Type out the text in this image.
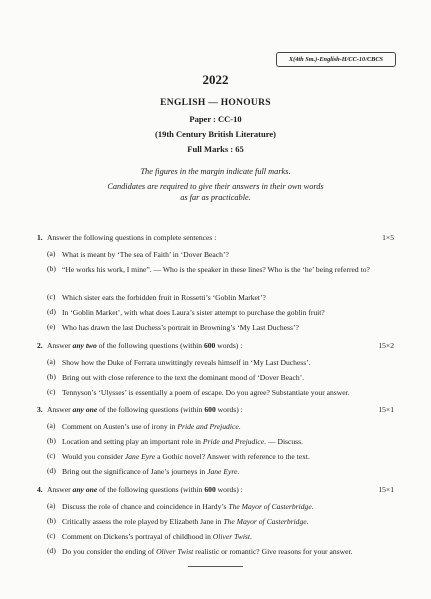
X(4th Sm.)-English-H/CC-10/CBCS
2022
ENGLISH — HONOURS
Paper : CC-10
(19th Century British Literature)
Full Marks : 65
The figures in the margin indicate full marks.
Candidates are required to give their answers in their own words
as far as practicable.
1. Answer the following questions in complete sentences :	1×5
(a) What is meant by ‘The sea of Faith’ in ‘Dover Beach’?
(b) “He works his work, I mine”. — Who is the speaker in these lines? Who is the ‘he’ being referred to?
(c) Which sister eats the forbidden fruit in Rossetti’s ‘Goblin Market’?
(d) In ‘Goblin Market’, with what does Laura’s sister attempt to purchase the goblin fruit?
(e) Who has drawn the last Duchess’s portrait in Browning’s ‘My Last Duchess’?
2. Answer any two of the following questions (within 600 words) :	15×2
(a) Show how the Duke of Ferrara unwittingly reveals himself in ‘My Last Duchess’.
(b) Bring out with close reference to the text the dominant mood of ‘Dover Beach’.
(c) Tennyson’s ‘Ulysses’ is essentially a poem of escape. Do you agree? Substantiate your answer.
3. Answer any one of the following questions (within 600 words) :	15×1
(a) Comment on Austen’s use of irony in Pride and Prejudice.
(b) Location and setting play an important role in Pride and Prejudice. — Discuss.
(c) Would you consider Jane Eyre a Gothic novel? Answer with reference to the text.
(d) Bring out the significance of Jane’s journeys in Jane Eyre.
4. Answer any one of the following questions (within 600 words) :	15×1
(a) Discuss the role of chance and coincidence in Hardy’s The Mayor of Casterbridge.
(b) Critically assess the role played by Elizabeth Jane in The Mayor of Casterbridge.
(c) Comment on Dickens’s portrayal of childhood in Oliver Twist.
(d) Do you consider the ending of Oliver Twist realistic or romantic? Give reasons for your answer.
